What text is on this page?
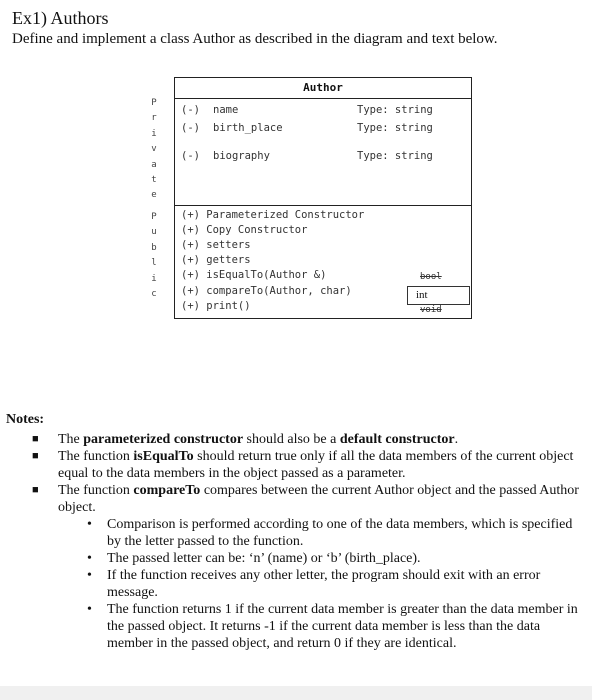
Ex1) Authors
Define and implement a class Author as described in the diagram and text below.
P
r
i
v
a
t
e
P
u
b
l
i
c
Author
(-) name	Type: string
(-) birth_place	Type: string
(-) biography	Type: string
(+) Parameterized Constructor
(+) Copy Constructor
(+) setters
(+) getters
(+) isEqualTo(Author &)
(+) compareTo(Author, char)
(+) print()
bool
int
void
Notes:
■ The parameterized constructor should also be a default constructor.
■ The function isEqualTo should return true only if all the data members of the current object equal to the data members in the object passed as a parameter.
■ The function compareTo compares between the current Author object and the passed Author object.
• Comparison is performed according to one of the data members, which is specified by the letter passed to the function.
• The passed letter can be: ‘n’ (name) or ‘b’ (birth_place).
• If the function receives any other letter, the program should exit with an error message.
• The function returns 1 if the current data member is greater than the data member in the passed object. It returns -1 if the current data member is less than the data member in the passed object, and return 0 if they are identical.
